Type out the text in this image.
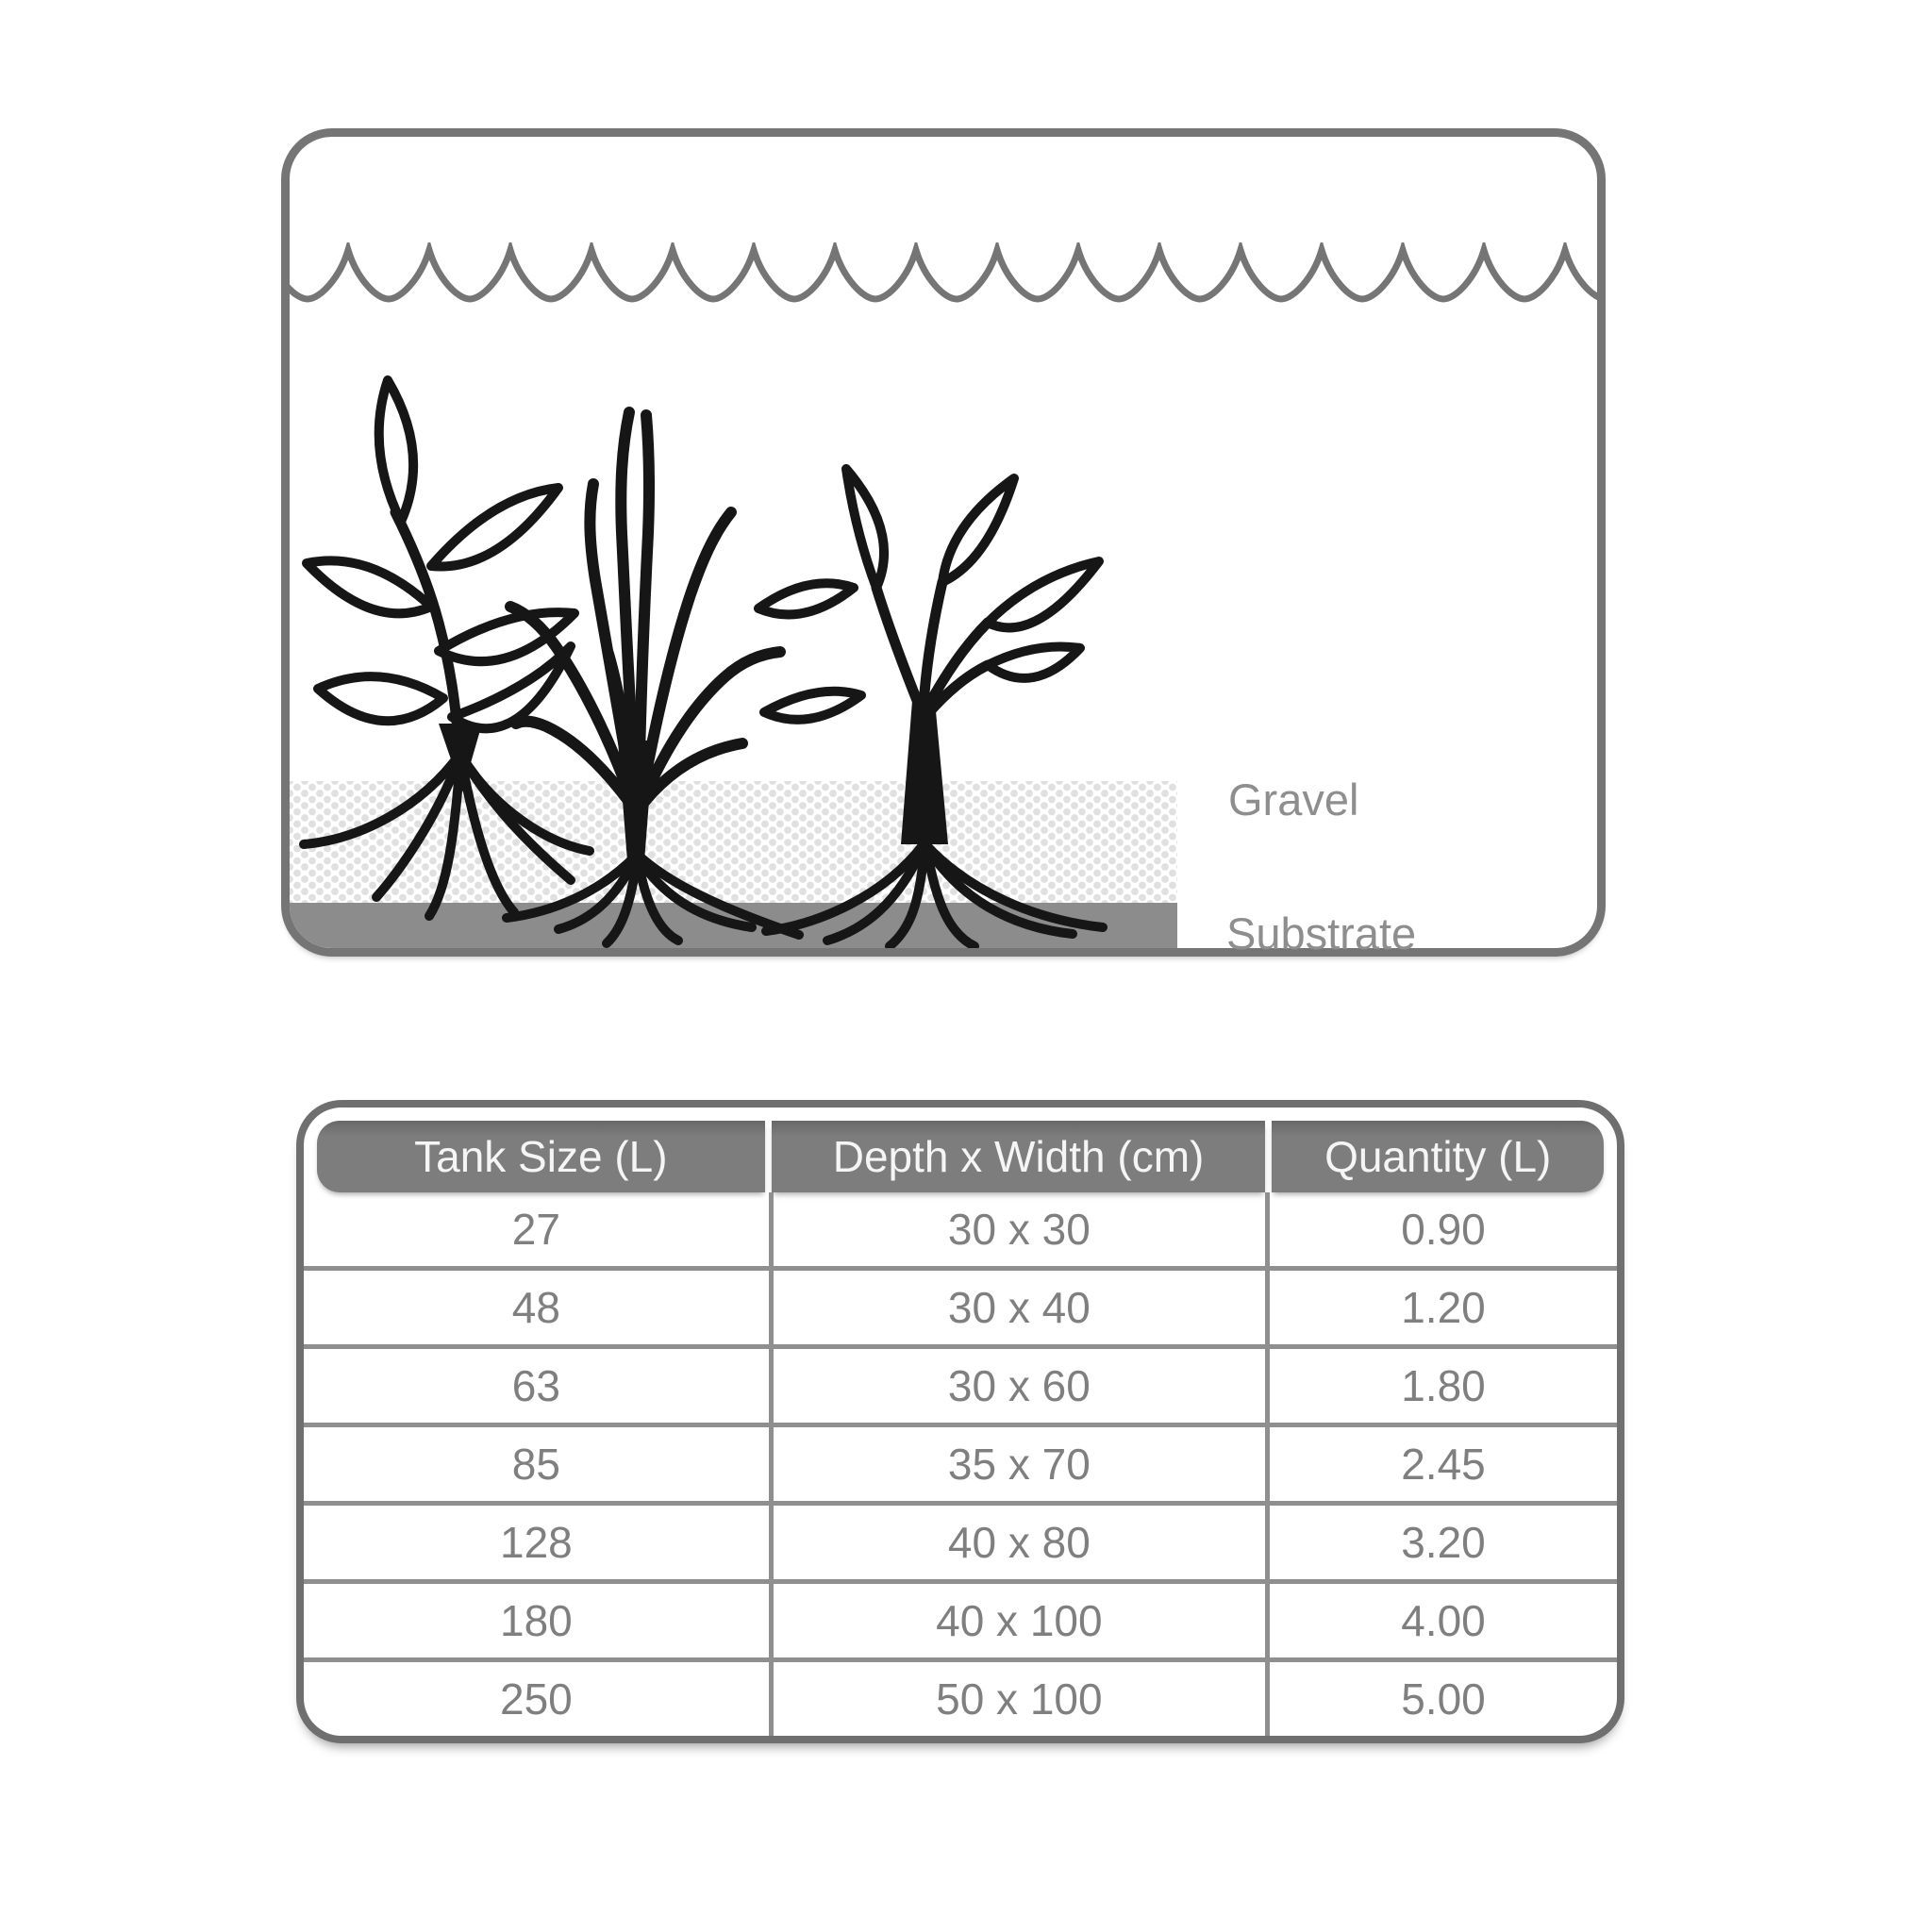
Gravel
Substrate
Tank Size (L)	Depth x Width (cm)	Quantity (L)
27	30 x 30	0.90
48	30 x 40	1.20
63	30 x 60	1.80
85	35 x 70	2.45
128	40 x 80	3.20
180	40 x 100	4.00
250	50 x 100	5.00
